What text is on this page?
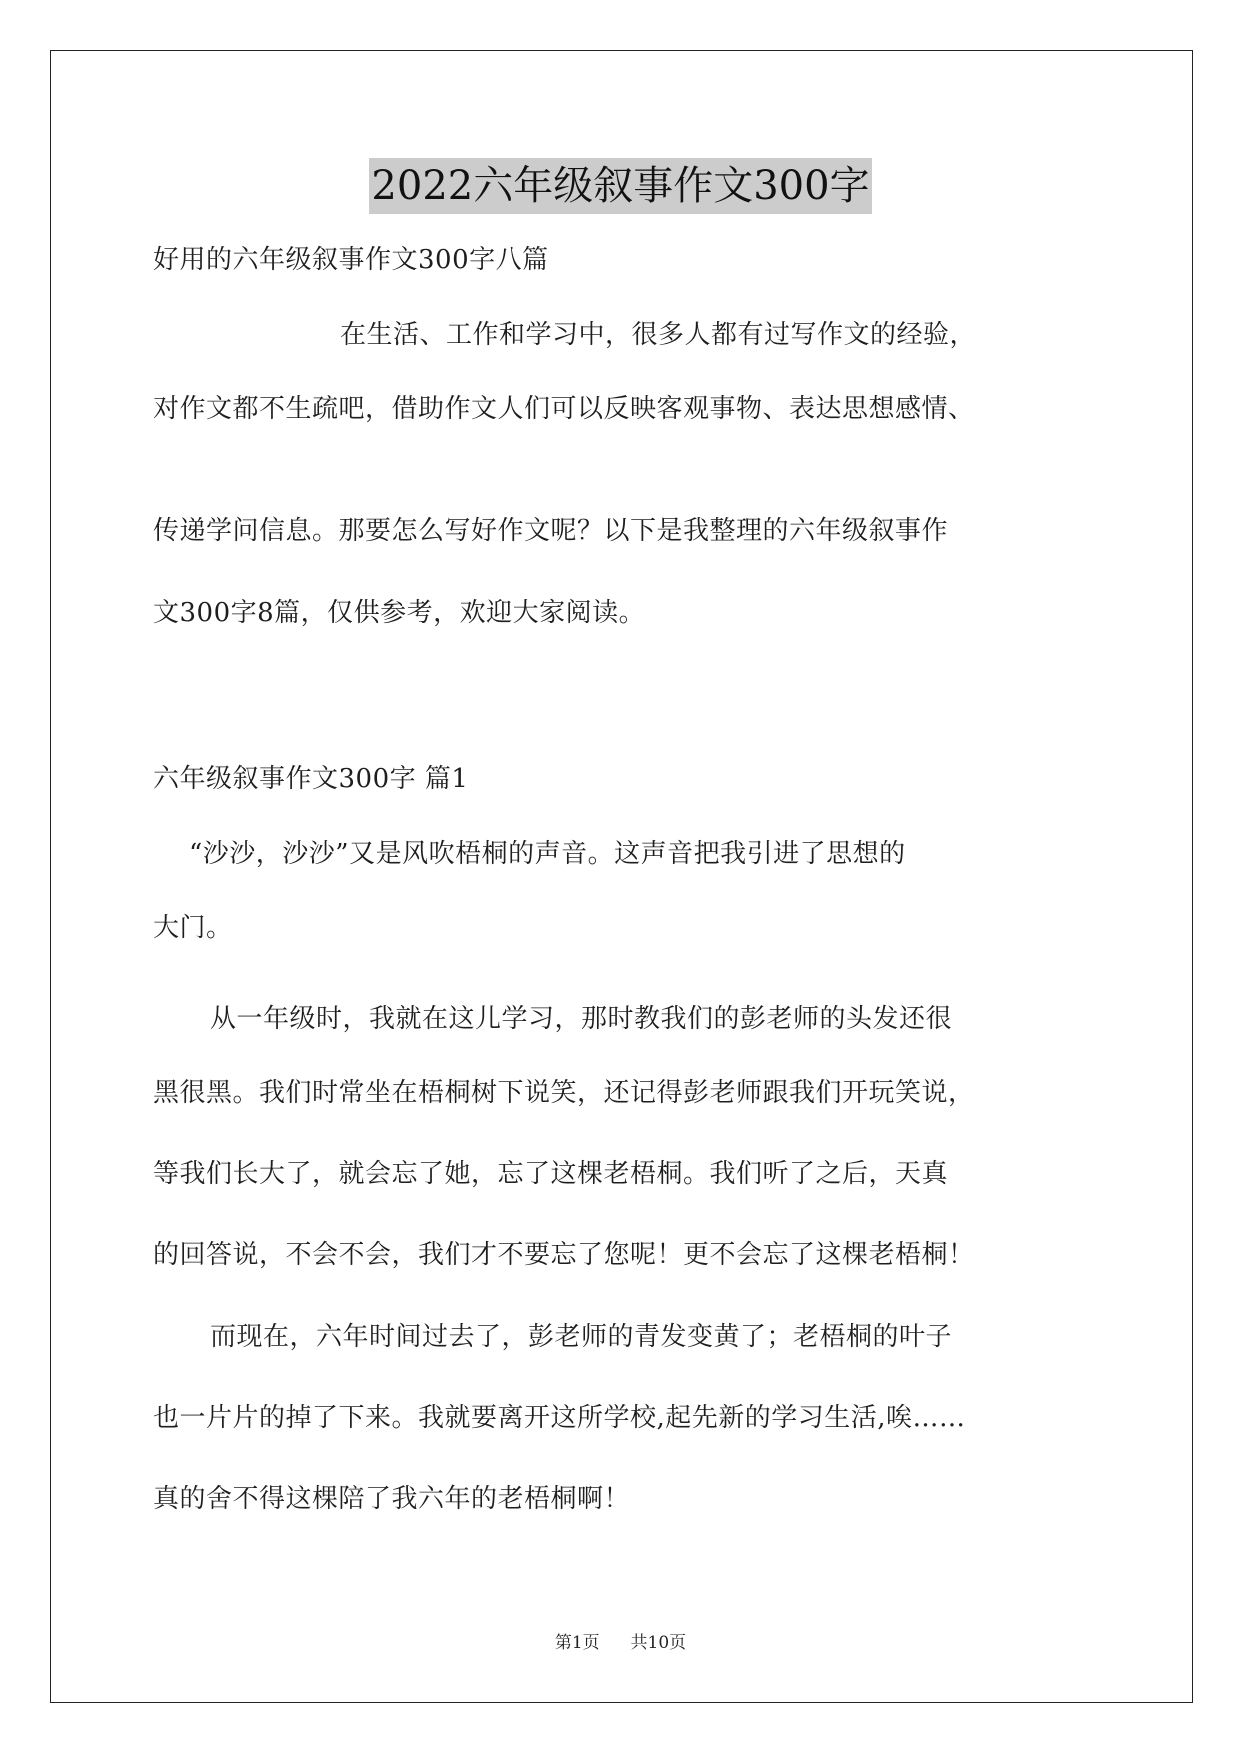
2022六年级叙事作文300字

好用的六年级叙事作文300字八篇

在生活、工作和学习中，很多人都有过写作文的经验，

对作文都不生疏吧，借助作文人们可以反映客观事物、表达思想感情、

传递学问信息。那要怎么写好作文呢？以下是我整理的六年级叙事作

文300字8篇，仅供参考，欢迎大家阅读。

六年级叙事作文300字 篇1

“沙沙，沙沙”又是风吹梧桐的声音。这声音把我引进了思想的

大门。

从一年级时，我就在这儿学习，那时教我们的彭老师的头发还很

黑很黑。我们时常坐在梧桐树下说笑，还记得彭老师跟我们开玩笑说，

等我们长大了，就会忘了她，忘了这棵老梧桐。我们听了之后，天真

的回答说，不会不会，我们才不要忘了您呢！更不会忘了这棵老梧桐！

而现在，六年时间过去了，彭老师的青发变黄了；老梧桐的叶子

也一片片的掉了下来。我就要离开这所学校,起先新的学习生活,唉……

真的舍不得这棵陪了我六年的老梧桐啊！

第1页 共10页
